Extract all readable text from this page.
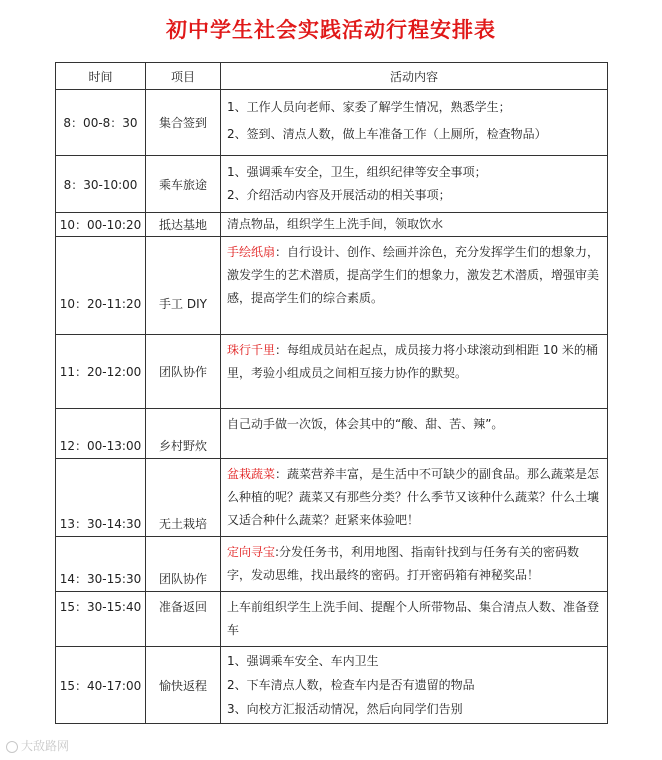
初中学生社会实践活动行程安排表
时间	项目	活动内容
8：00-8：30	集合签到	1、工作人员向老师、家委了解学生情况，熟悉学生；
2、签到、清点人数，做上车准备工作（上厕所，检查物品）

8：30-10:00	乘车旅途	1、强调乘车安全，卫生，组织纪律等安全事项；
2、介绍活动内容及开展活动的相关事项；

10：00-10:20	抵达基地	清点物品，组织学生上洗手间，领取饮水
10：20-11:20	手工 DIY	手绘纸扇：自行设计、创作、绘画并涂色，充分发挥学生们的想象力，激发学生的艺术潜质，提高学生们的想象力，激发艺术潜质，增强审美感，提高学生们的综合素质。
11：20-12:00	团队协作	珠行千里：每组成员站在起点，成员接力将小球滚动到相距 10 米的桶里，考验小组成员之间相互接力协作的默契。
12：00-13:00	乡村野炊	自己动手做一次饭，体会其中的“酸、甜、苦、辣”。
13：30-14:30	无土栽培	盆栽蔬菜：蔬菜营养丰富，是生活中不可缺少的副食品。那么蔬菜是怎么种植的呢？蔬菜又有那些分类？什么季节又该种什么蔬菜？什么土壤又适合种什么蔬菜？赶紧来体验吧！
14：30-15:30	团队协作	定向寻宝:分发任务书，利用地图、指南针找到与任务有关的密码数字，发动思维，找出最终的密码。打开密码箱有神秘奖品！
15：30-15:40	准备返回	上车前组织学生上洗手间、提醒个人所带物品、集合清点人数、准备登车
15：40-17:00	愉快返程	1、强调乘车安全、车内卫生
2、下车清点人数，检查车内是否有遗留的物品
3、向校方汇报活动情况，然后向同学们告别
大敌路网
